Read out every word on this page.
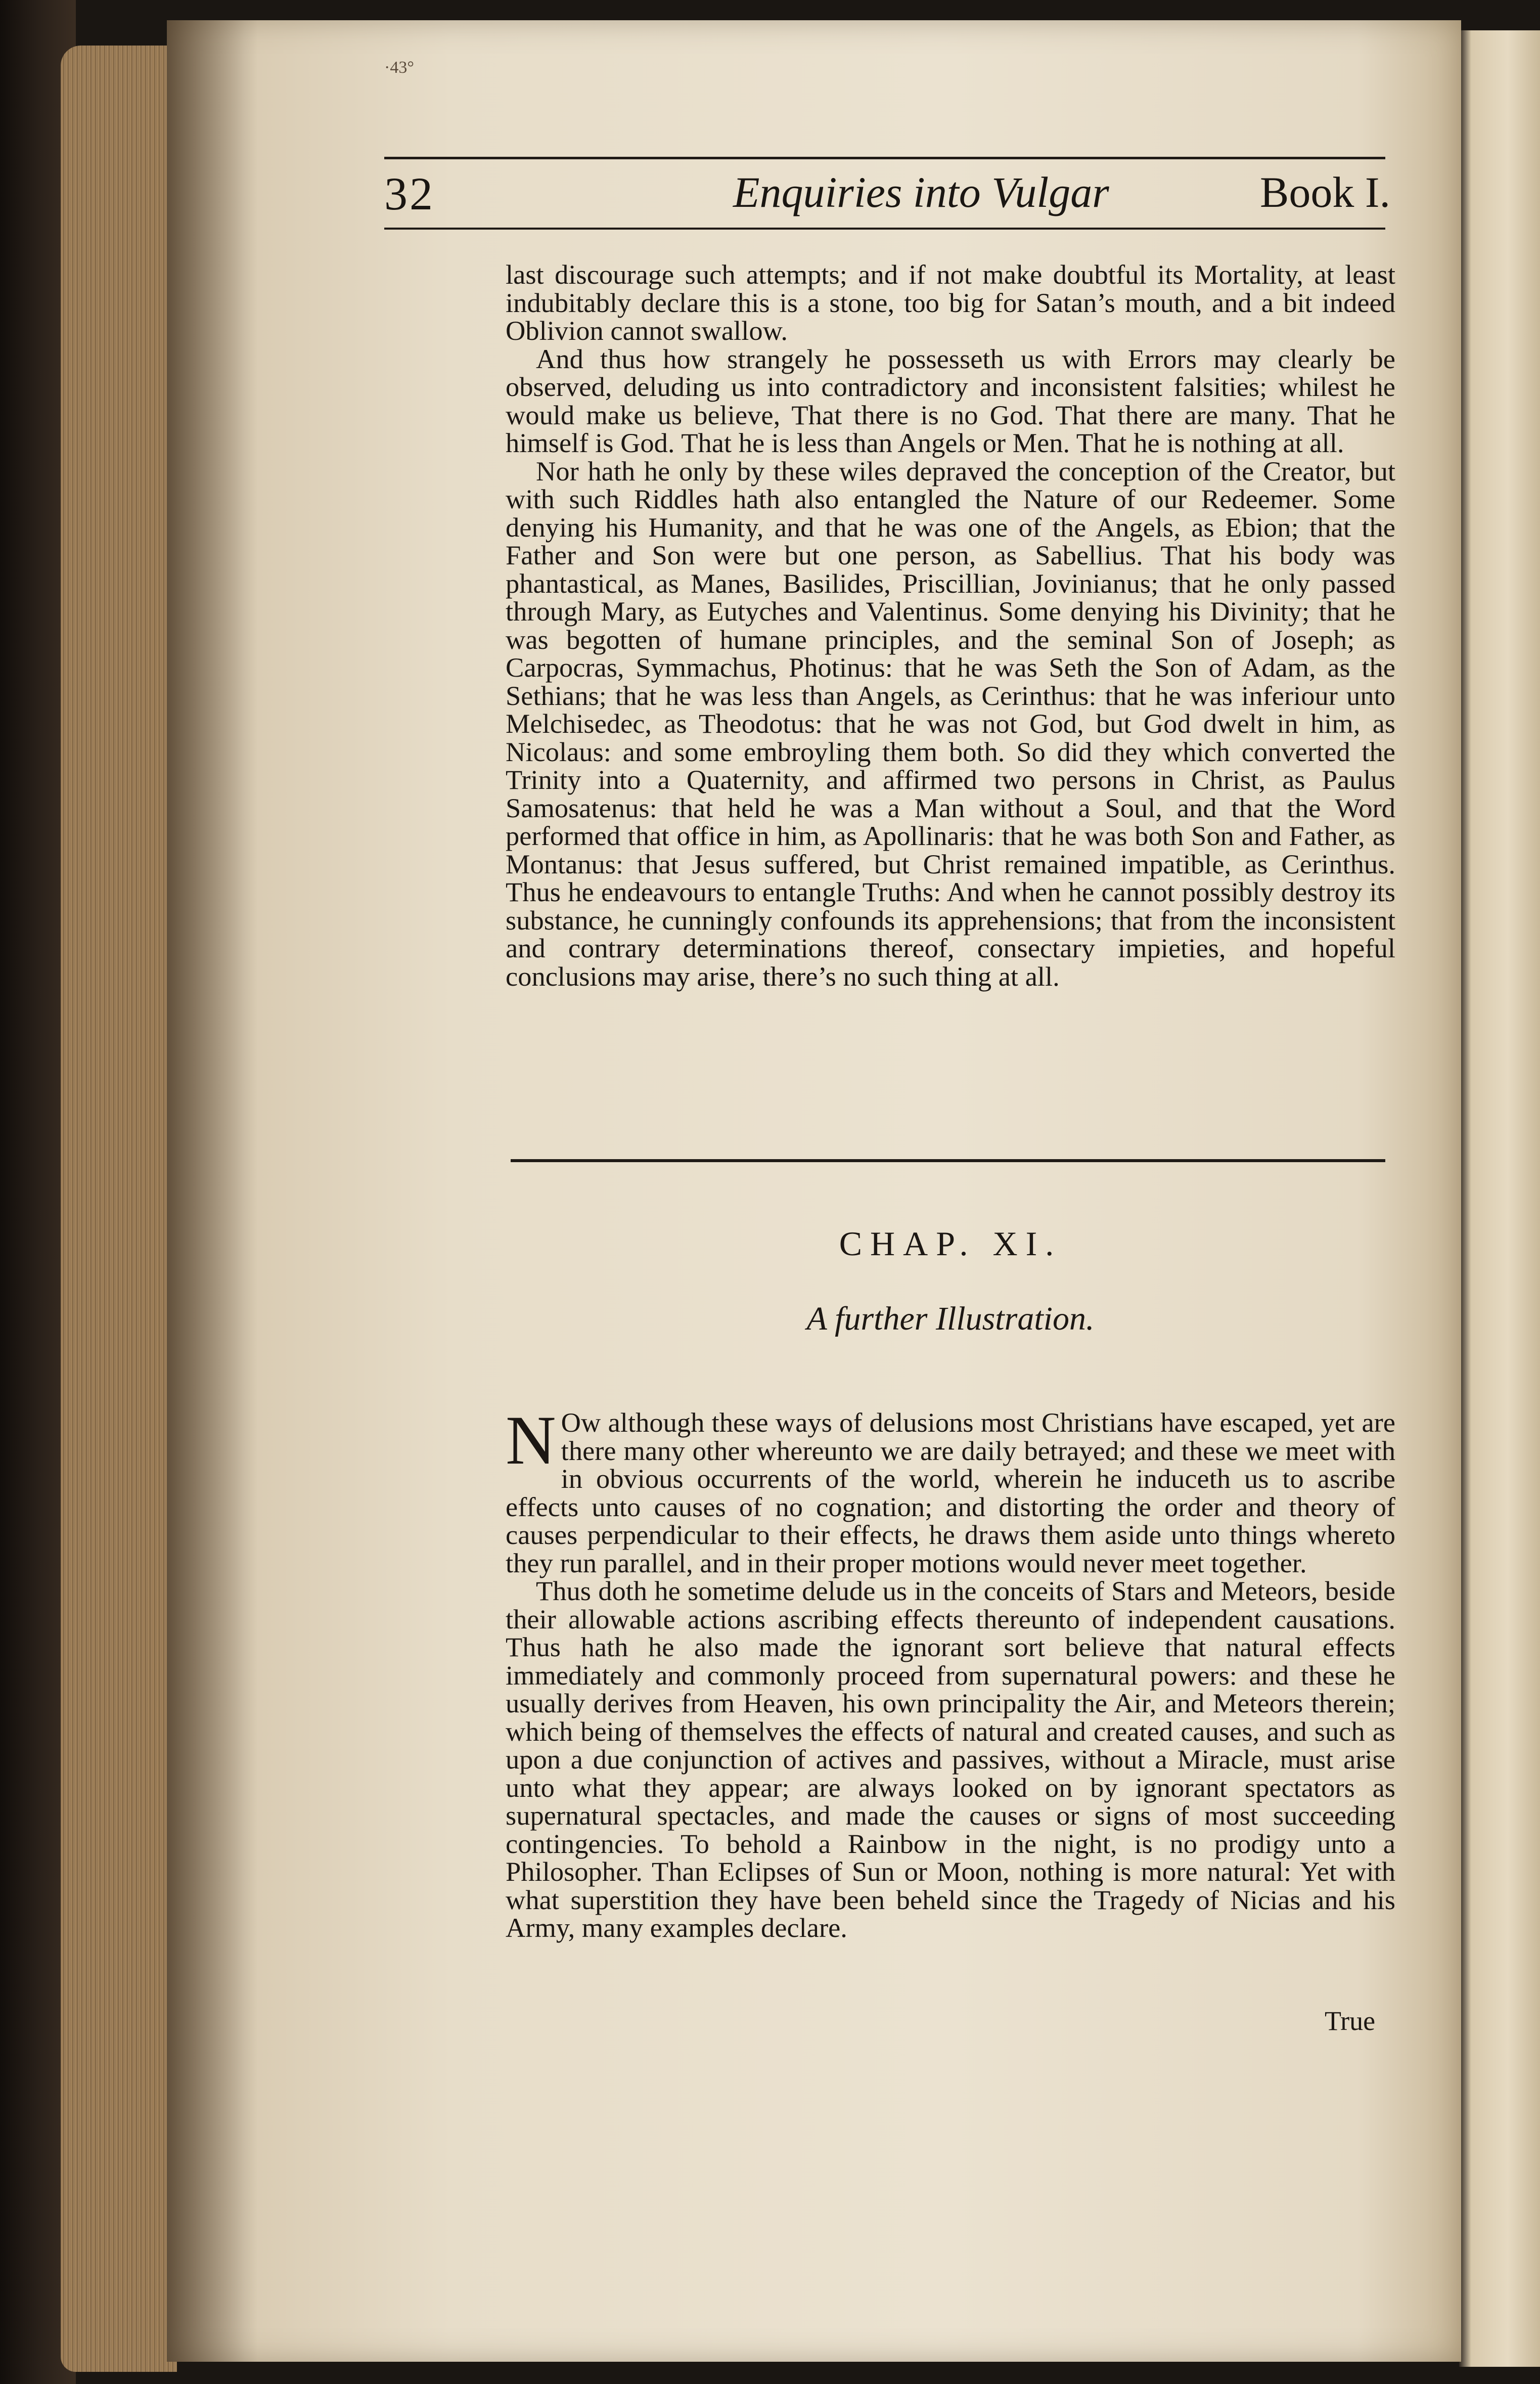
·43°
32	Enquiries into Vulgar	Book I.

last discourage such attempts; and if not make doubtful its Mortality, at least indubitably declare this is a stone, too big for Satan’s mouth, and a bit indeed Oblivion cannot swallow.

And thus how strangely he possesseth us with Errors may clearly be observed, deluding us into contradictory and inconsistent falsities; whilest he would make us believe, That there is no God. That there are many. That he himself is God. That he is less than Angels or Men. That he is nothing at all.

Nor hath he only by these wiles depraved the conception of the Creator, but with such Riddles hath also entangled the Nature of our Redeemer. Some denying his Humanity, and that he was one of the Angels, as Ebion; that the Father and Son were but one person, as Sabellius. That his body was phantastical, as Manes, Basilides, Priscillian, Jovinianus; that he only passed through Mary, as Eutyches and Valentinus. Some denying his Divinity; that he was begotten of humane principles, and the seminal Son of Joseph; as Carpocras, Symmachus, Photinus: that he was Seth the Son of Adam, as the Sethians; that he was less than Angels, as Cerinthus: that he was inferiour unto Melchisedec, as Theodotus: that he was not God, but God dwelt in him, as Nicolaus: and some embroyling them both. So did they which converted the Trinity into a Quaternity, and affirmed two persons in Christ, as Paulus Samosatenus: that held he was a Man without a Soul, and that the Word performed that office in him, as Apollinaris: that he was both Son and Father, as Montanus: that Jesus suffered, but Christ remained impatible, as Cerinthus. Thus he endeavours to entangle Truths: And when he cannot possibly destroy its substance, he cunningly confounds its apprehensions; that from the inconsistent and contrary determinations thereof, consectary impieties, and hopeful conclusions may arise, there’s no such thing at all.

CHAP. XI.
A further Illustration.

N Ow although these ways of delusions most Christians have escaped, yet are there many other whereunto we are daily betrayed; and these we meet with in obvious occurrents of the world, wherein he induceth us to ascribe effects unto causes of no cognation; and distorting the order and theory of causes perpendicular to their effects, he draws them aside unto things whereto they run parallel, and in their proper motions would never meet together.

Thus doth he sometime delude us in the conceits of Stars and Meteors, beside their allowable actions ascribing effects thereunto of independent causations. Thus hath he also made the ignorant sort believe that natural effects immediately and commonly proceed from supernatural powers: and these he usually derives from Heaven, his own principality the Air, and Meteors therein; which being of themselves the effects of natural and created causes, and such as upon a due conjunction of actives and passives, without a Miracle, must arise unto what they appear; are always looked on by ignorant spectators as supernatural spectacles, and made the causes or signs of most succeeding contingencies. To behold a Rainbow in the night, is no prodigy unto a Philosopher. Than Eclipses of Sun or Moon, nothing is more natural: Yet with what superstition they have been beheld since the Tragedy of Nicias and his Army, many examples declare.

True
